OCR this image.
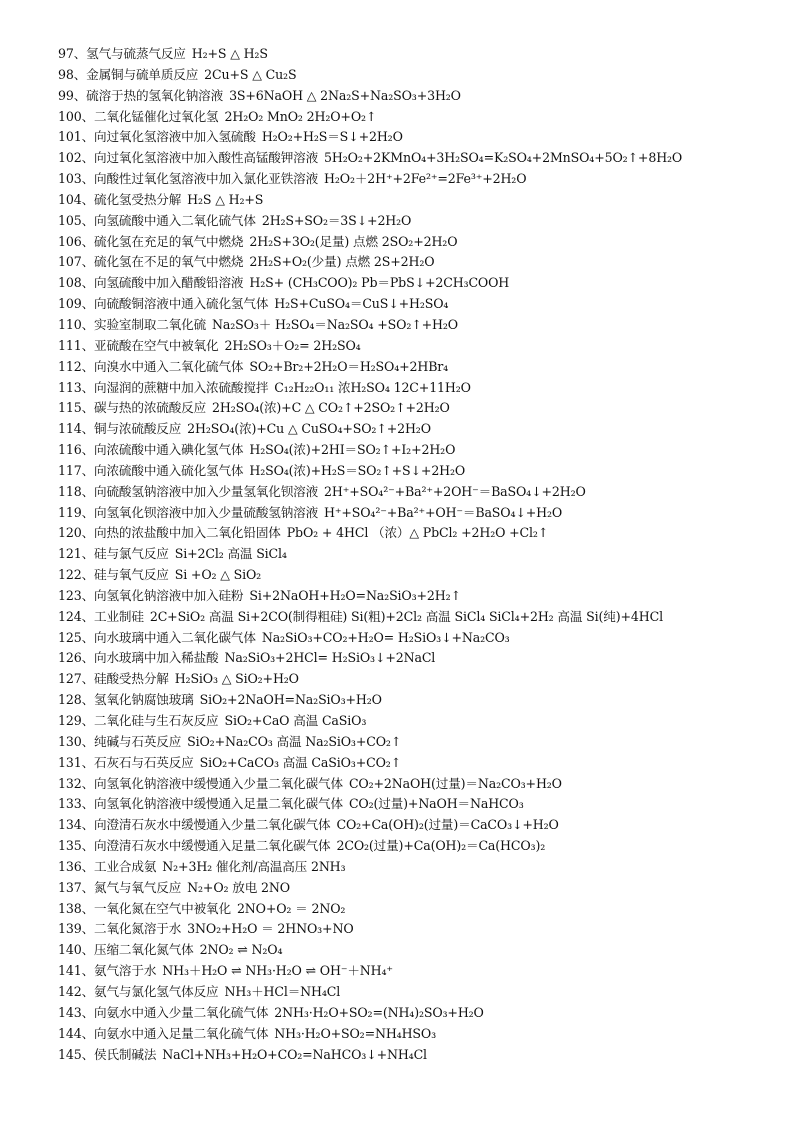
97、氢气与硫蒸气反应 H₂+S △ H₂S
98、金属铜与硫单质反应 2Cu+S △ Cu₂S
99、硫溶于热的氢氧化钠溶液 3S+6NaOH △ 2Na₂S+Na₂SO₃+3H₂O
100、二氧化锰催化过氧化氢 2H₂O₂ MnO₂ 2H₂O+O₂↑
101、向过氧化氢溶液中加入氢硫酸 H₂O₂+H₂S＝S↓+2H₂O
102、向过氧化氢溶液中加入酸性高锰酸钾溶液 5H₂O₂+2KMnO₄+3H₂SO₄=K₂SO₄+2MnSO₄+5O₂↑+8H₂O
103、向酸性过氧化氢溶液中加入氯化亚铁溶液 H₂O₂＋2H⁺+2Fe²⁺=2Fe³⁺+2H₂O
104、硫化氢受热分解 H₂S △ H₂+S
105、向氢硫酸中通入二氧化硫气体 2H₂S+SO₂＝3S↓+2H₂O
106、硫化氢在充足的氧气中燃烧 2H₂S+3O₂(足量) 点燃 2SO₂+2H₂O
107、硫化氢在不足的氧气中燃烧 2H₂S+O₂(少量) 点燃 2S+2H₂O
108、向氢硫酸中加入醋酸铅溶液 H₂S+ (CH₃COO)₂ Pb＝PbS↓+2CH₃COOH
109、向硫酸铜溶液中通入硫化氢气体 H₂S+CuSO₄＝CuS↓+H₂SO₄
110、实验室制取二氧化硫 Na₂SO₃＋ H₂SO₄＝Na₂SO₄ +SO₂↑+H₂O
111、亚硫酸在空气中被氧化 2H₂SO₃＋O₂= 2H₂SO₄
112、向溴水中通入二氧化硫气体 SO₂+Br₂+2H₂O＝H₂SO₄+2HBr₄
113、向湿润的蔗糖中加入浓硫酸搅拌 C₁₂H₂₂O₁₁ 浓H₂SO₄ 12C+11H₂O
115、碳与热的浓硫酸反应 2H₂SO₄(浓)+C △ CO₂↑+2SO₂↑+2H₂O
114、铜与浓硫酸反应 2H₂SO₄(浓)+Cu △ CuSO₄+SO₂↑+2H₂O
116、向浓硫酸中通入碘化氢气体 H₂SO₄(浓)+2HI＝SO₂↑+I₂+2H₂O
117、向浓硫酸中通入硫化氢气体 H₂SO₄(浓)+H₂S＝SO₂↑+S↓+2H₂O
118、向硫酸氢钠溶液中加入少量氢氧化钡溶液 2H⁺+SO₄²⁻+Ba²⁺+2OH⁻＝BaSO₄↓+2H₂O
119、向氢氧化钡溶液中加入少量硫酸氢钠溶液 H⁺+SO₄²⁻+Ba²⁺+OH⁻＝BaSO₄↓+H₂O
120、向热的浓盐酸中加入二氧化铅固体 PbO₂ + 4HCl （浓）△ PbCl₂ +2H₂O +Cl₂↑
121、硅与氯气反应 Si+2Cl₂ 高温 SiCl₄
122、硅与氧气反应 Si +O₂ △ SiO₂
123、向氢氧化钠溶液中加入硅粉 Si+2NaOH+H₂O=Na₂SiO₃+2H₂↑
124、工业制硅 2C+SiO₂ 高温 Si+2CO(制得粗硅) Si(粗)+2Cl₂ 高温 SiCl₄ SiCl₄+2H₂ 高温 Si(纯)+4HCl
125、向水玻璃中通入二氧化碳气体 Na₂SiO₃+CO₂+H₂O= H₂SiO₃↓+Na₂CO₃
126、向水玻璃中加入稀盐酸 Na₂SiO₃+2HCl= H₂SiO₃↓+2NaCl
127、硅酸受热分解 H₂SiO₃ △ SiO₂+H₂O
128、氢氧化钠腐蚀玻璃 SiO₂+2NaOH=Na₂SiO₃+H₂O
129、二氧化硅与生石灰反应 SiO₂+CaO 高温 CaSiO₃
130、纯碱与石英反应 SiO₂+Na₂CO₃ 高温 Na₂SiO₃+CO₂↑
131、石灰石与石英反应 SiO₂+CaCO₃ 高温 CaSiO₃+CO₂↑
132、向氢氧化钠溶液中缓慢通入少量二氧化碳气体 CO₂+2NaOH(过量)＝Na₂CO₃+H₂O
133、向氢氧化钠溶液中缓慢通入足量二氧化碳气体 CO₂(过量)+NaOH＝NaHCO₃
134、向澄清石灰水中缓慢通入少量二氧化碳气体 CO₂+Ca(OH)₂(过量)＝CaCO₃↓+H₂O
135、向澄清石灰水中缓慢通入足量二氧化碳气体 2CO₂(过量)+Ca(OH)₂＝Ca(HCO₃)₂
136、工业合成氨 N₂+3H₂ 催化剂/高温高压 2NH₃
137、氮气与氧气反应 N₂+O₂ 放电 2NO
138、一氧化氮在空气中被氧化 2NO+O₂ ＝ 2NO₂
139、二氧化氮溶于水 3NO₂+H₂O ＝ 2HNO₃+NO
140、压缩二氧化氮气体 2NO₂ ⇌ N₂O₄
141、氨气溶于水 NH₃＋H₂O ⇌ NH₃·H₂O ⇌ OH⁻＋NH₄⁺
142、氨气与氯化氢气体反应 NH₃＋HCl＝NH₄Cl
143、向氨水中通入少量二氧化硫气体 2NH₃·H₂O+SO₂=(NH₄)₂SO₃+H₂O
144、向氨水中通入足量二氧化硫气体 NH₃·H₂O+SO₂=NH₄HSO₃
145、侯氏制碱法 NaCl+NH₃+H₂O+CO₂=NaHCO₃↓+NH₄Cl
